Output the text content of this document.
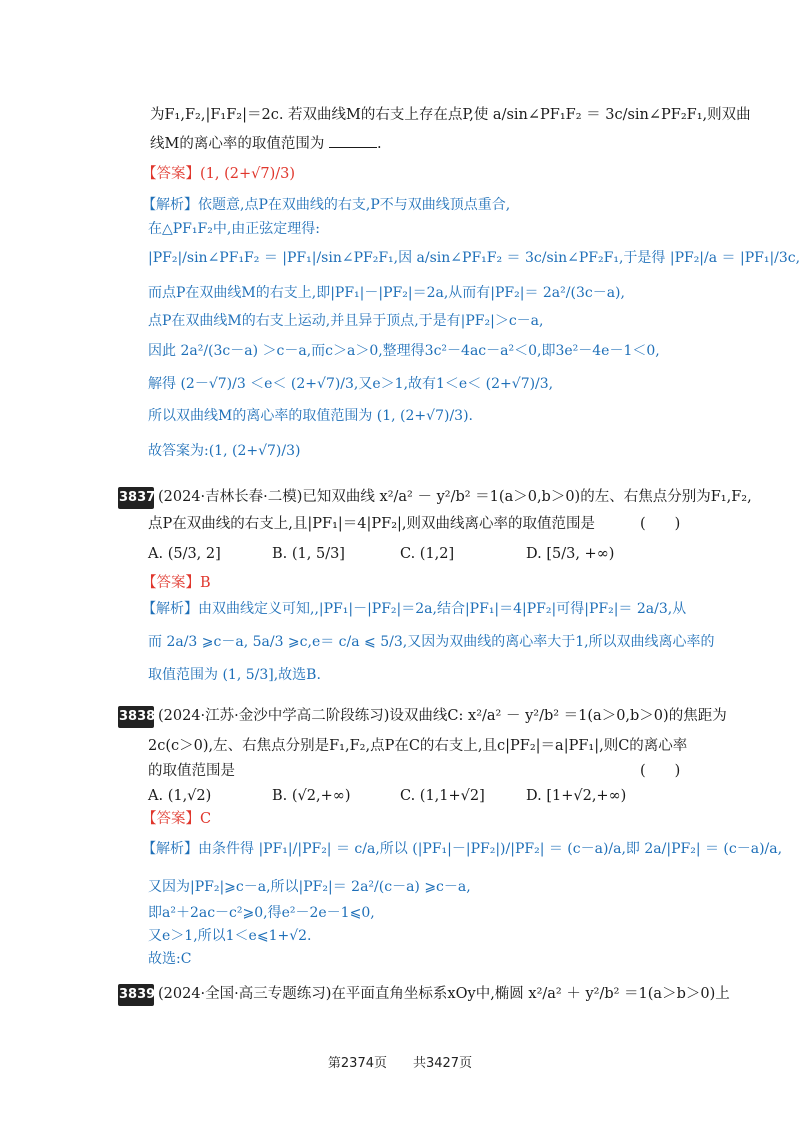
为F₁,F₂,|F₁F₂|＝2c. 若双曲线M的右支上存在点P,使 a/sin∠PF₁F₂ ＝ 3c/sin∠PF₂F₁,则双曲
线M的离心率的取值范围为	.
【答案】(1, (2+√7)/3)
【解析】依题意,点P在双曲线的右支,P不与双曲线顶点重合,
在△PF₁F₂中,由正弦定理得:
|PF₂|/sin∠PF₁F₂ ＝ |PF₁|/sin∠PF₂F₁,因 a/sin∠PF₁F₂ ＝ 3c/sin∠PF₂F₁,于是得 |PF₂|/a ＝ |PF₁|/3c,
而点P在双曲线M的右支上,即|PF₁|－|PF₂|＝2a,从而有|PF₂|＝ 2a²/(3c－a),
点P在双曲线M的右支上运动,并且异于顶点,于是有|PF₂|＞c－a,
因此 2a²/(3c－a) ＞c－a,而c＞a＞0,整理得3c²－4ac－a²＜0,即3e²－4e－1＜0,
解得 (2－√7)/3 ＜e＜ (2+√7)/3,又e＞1,故有1＜e＜ (2+√7)/3,
所以双曲线M的离心率的取值范围为 (1, (2+√7)/3).
故答案为:(1, (2+√7)/3)
3837 (2024·吉林长春·二模)已知双曲线 x²/a² － y²/b² ＝1(a＞0,b＞0)的左、右焦点分别为F₁,F₂,
点P在双曲线的右支上,且|PF₁|＝4|PF₂|,则双曲线离心率的取值范围是	(　　)
A. (5/3, 2]	B. (1, 5/3]	C. (1,2]	D. [5/3, +∞)
【答案】B
【解析】由双曲线定义可知,,|PF₁|－|PF₂|＝2a,结合|PF₁|＝4|PF₂|可得|PF₂|＝ 2a/3,从
而 2a/3 ⩾c－a, 5a/3 ⩾c,e＝ c/a ⩽ 5/3,又因为双曲线的离心率大于1,所以双曲线离心率的
取值范围为 (1, 5/3],故选B.
3838 (2024·江苏·金沙中学高二阶段练习)设双曲线C: x²/a² － y²/b² ＝1(a＞0,b＞0)的焦距为
2c(c＞0),左、右焦点分别是F₁,F₂,点P在C的右支上,且c|PF₂|＝a|PF₁|,则C的离心率
的取值范围是	(　　)
A. (1,√2)	B. (√2,+∞)	C. (1,1+√2]	D. [1+√2,+∞)
【答案】C
【解析】由条件得 |PF₁|/|PF₂| ＝ c/a,所以 (|PF₁|－|PF₂|)/|PF₂| ＝ (c－a)/a,即 2a/|PF₂| ＝ (c－a)/a,
又因为|PF₂|⩾c－a,所以|PF₂|＝ 2a²/(c－a) ⩾c－a,
即a²＋2ac－c²⩾0,得e²－2e－1⩽0,
又e＞1,所以1＜e⩽1+√2.
故选:C
3839 (2024·全国·高三专题练习)在平面直角坐标系xOy中,椭圆 x²/a² ＋ y²/b² ＝1(a＞b＞0)上
第2374页　　共3427页
